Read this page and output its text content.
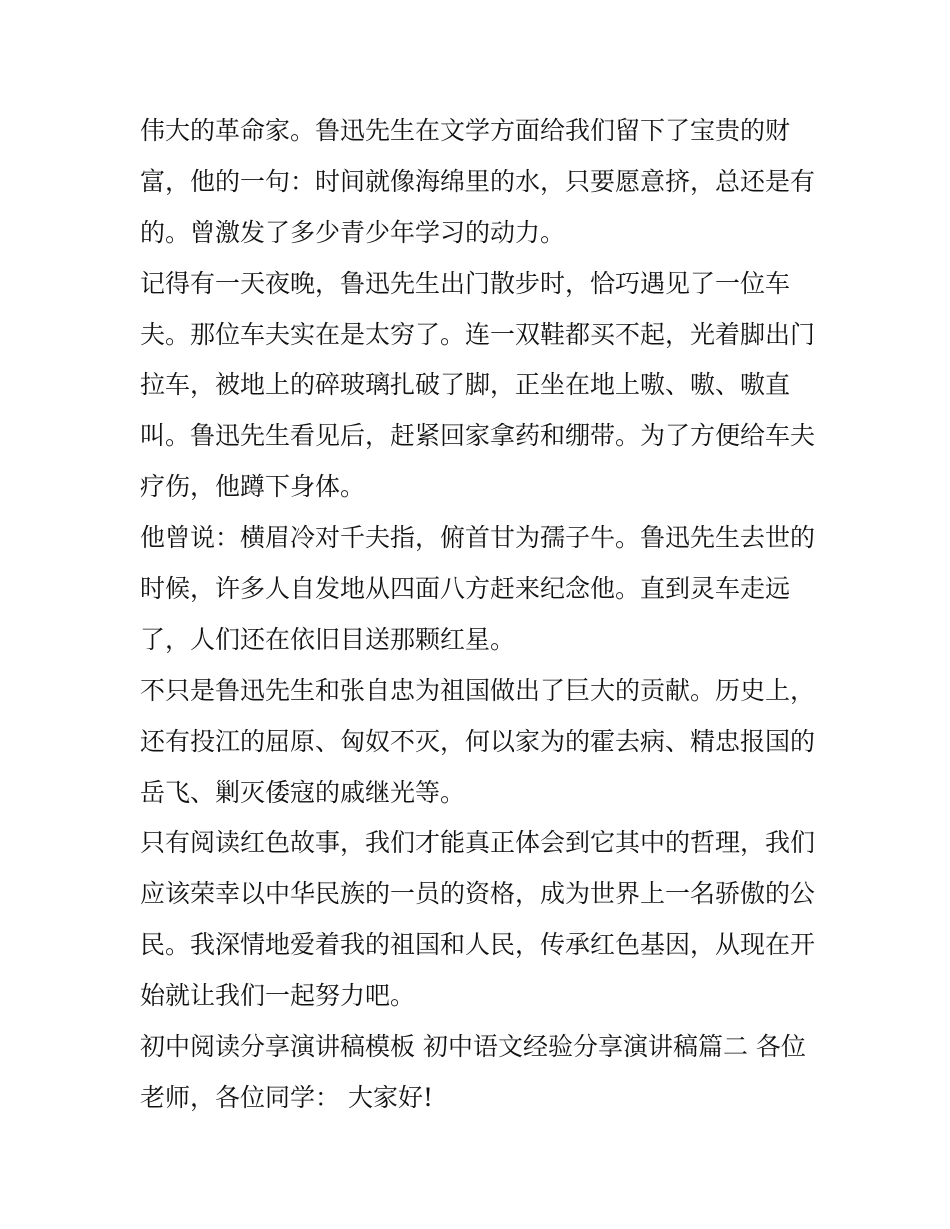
伟大的革命家。鲁迅先生在文学方面给我们留下了宝贵的财
富，他的一句：时间就像海绵里的水，只要愿意挤，总还是有
的。曾激发了多少青少年学习的动力。
记得有一天夜晚，鲁迅先生出门散步时，恰巧遇见了一位车
夫。那位车夫实在是太穷了。连一双鞋都买不起，光着脚出门
拉车，被地上的碎玻璃扎破了脚，正坐在地上嗷、嗷、嗷直
叫。鲁迅先生看见后，赶紧回家拿药和绷带。为了方便给车夫
疗伤，他蹲下身体。
他曾说：横眉冷对千夫指，俯首甘为孺子牛。鲁迅先生去世的
时候，许多人自发地从四面八方赶来纪念他。直到灵车走远
了，人们还在依旧目送那颗红星。
不只是鲁迅先生和张自忠为祖国做出了巨大的贡献。历史上，
还有投江的屈原、匈奴不灭，何以家为的霍去病、精忠报国的
岳飞、剿灭倭寇的戚继光等。
只有阅读红色故事，我们才能真正体会到它其中的哲理，我们
应该荣幸以中华民族的一员的资格，成为世界上一名骄傲的公
民。我深情地爱着我的祖国和人民，传承红色基因，从现在开
始就让我们一起努力吧。
初中阅读分享演讲稿模板 初中语文经验分享演讲稿篇二 各位
老师，各位同学： 大家好!
